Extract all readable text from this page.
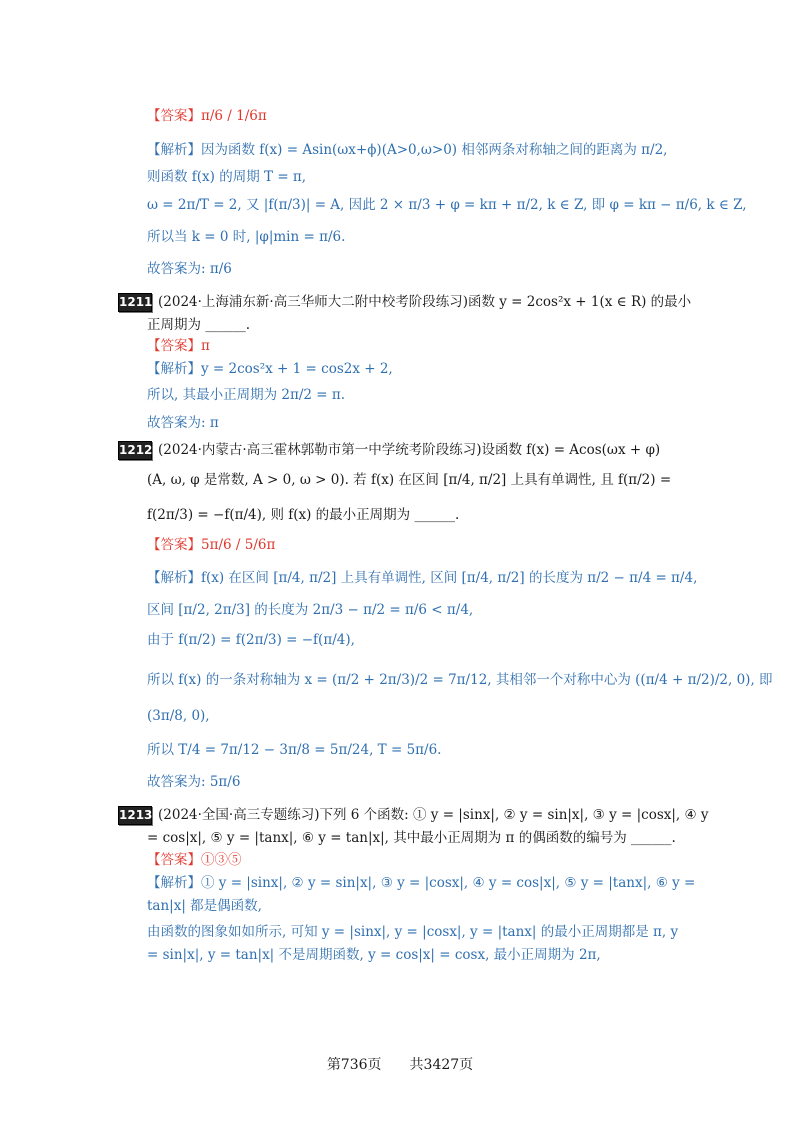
【答案】π/6 / 1/6π
【解析】因为函数 f(x) = Asin(ωx+ϕ)(A>0,ω>0) 相邻两条对称轴之间的距离为 π/2,
则函数 f(x) 的周期 T = π,
ω = 2π/T = 2, 又 |f(π/3)| = A, 因此 2 × π/3 + φ = kπ + π/2, k ∈ Z, 即 φ = kπ − π/6, k ∈ Z,
所以当 k = 0 时, |φ|min = π/6.
故答案为: π/6
1211 (2024·上海浦东新·高三华师大二附中校考阶段练习)函数 y = 2cos²x + 1(x ∈ R) 的最小
正周期为 ______.
【答案】π
【解析】y = 2cos²x + 1 = cos2x + 2,
所以, 其最小正周期为 2π/2 = π.
故答案为: π
1212 (2024·内蒙古·高三霍林郭勒市第一中学统考阶段练习)设函数 f(x) = Acos(ωx + φ)
(A, ω, φ 是常数, A > 0, ω > 0). 若 f(x) 在区间 [π/4, π/2] 上具有单调性, 且 f(π/2) =
f(2π/3) = −f(π/4), 则 f(x) 的最小正周期为 ______.
【答案】5π/6 / 5/6π
【解析】f(x) 在区间 [π/4, π/2] 上具有单调性, 区间 [π/4, π/2] 的长度为 π/2 − π/4 = π/4,
区间 [π/2, 2π/3] 的长度为 2π/3 − π/2 = π/6 < π/4,
由于 f(π/2) = f(2π/3) = −f(π/4),
所以 f(x) 的一条对称轴为 x = (π/2 + 2π/3)/2 = 7π/12, 其相邻一个对称中心为 ((π/4 + π/2)/2, 0), 即
(3π/8, 0),
所以 T/4 = 7π/12 − 3π/8 = 5π/24, T = 5π/6.
故答案为: 5π/6
1213 (2024·全国·高三专题练习)下列 6 个函数: ① y = |sinx|, ② y = sin|x|, ③ y = |cosx|, ④ y
= cos|x|, ⑤ y = |tanx|, ⑥ y = tan|x|, 其中最小正周期为 π 的偶函数的编号为 ______.
【答案】①③⑤
【解析】① y = |sinx|, ② y = sin|x|, ③ y = |cosx|, ④ y = cos|x|, ⑤ y = |tanx|, ⑥ y =
tan|x| 都是偶函数,
由函数的图象如如所示, 可知 y = |sinx|, y = |cosx|, y = |tanx| 的最小正周期都是 π, y
= sin|x|, y = tan|x| 不是周期函数, y = cos|x| = cosx, 最小正周期为 2π,
第736页　　共3427页
